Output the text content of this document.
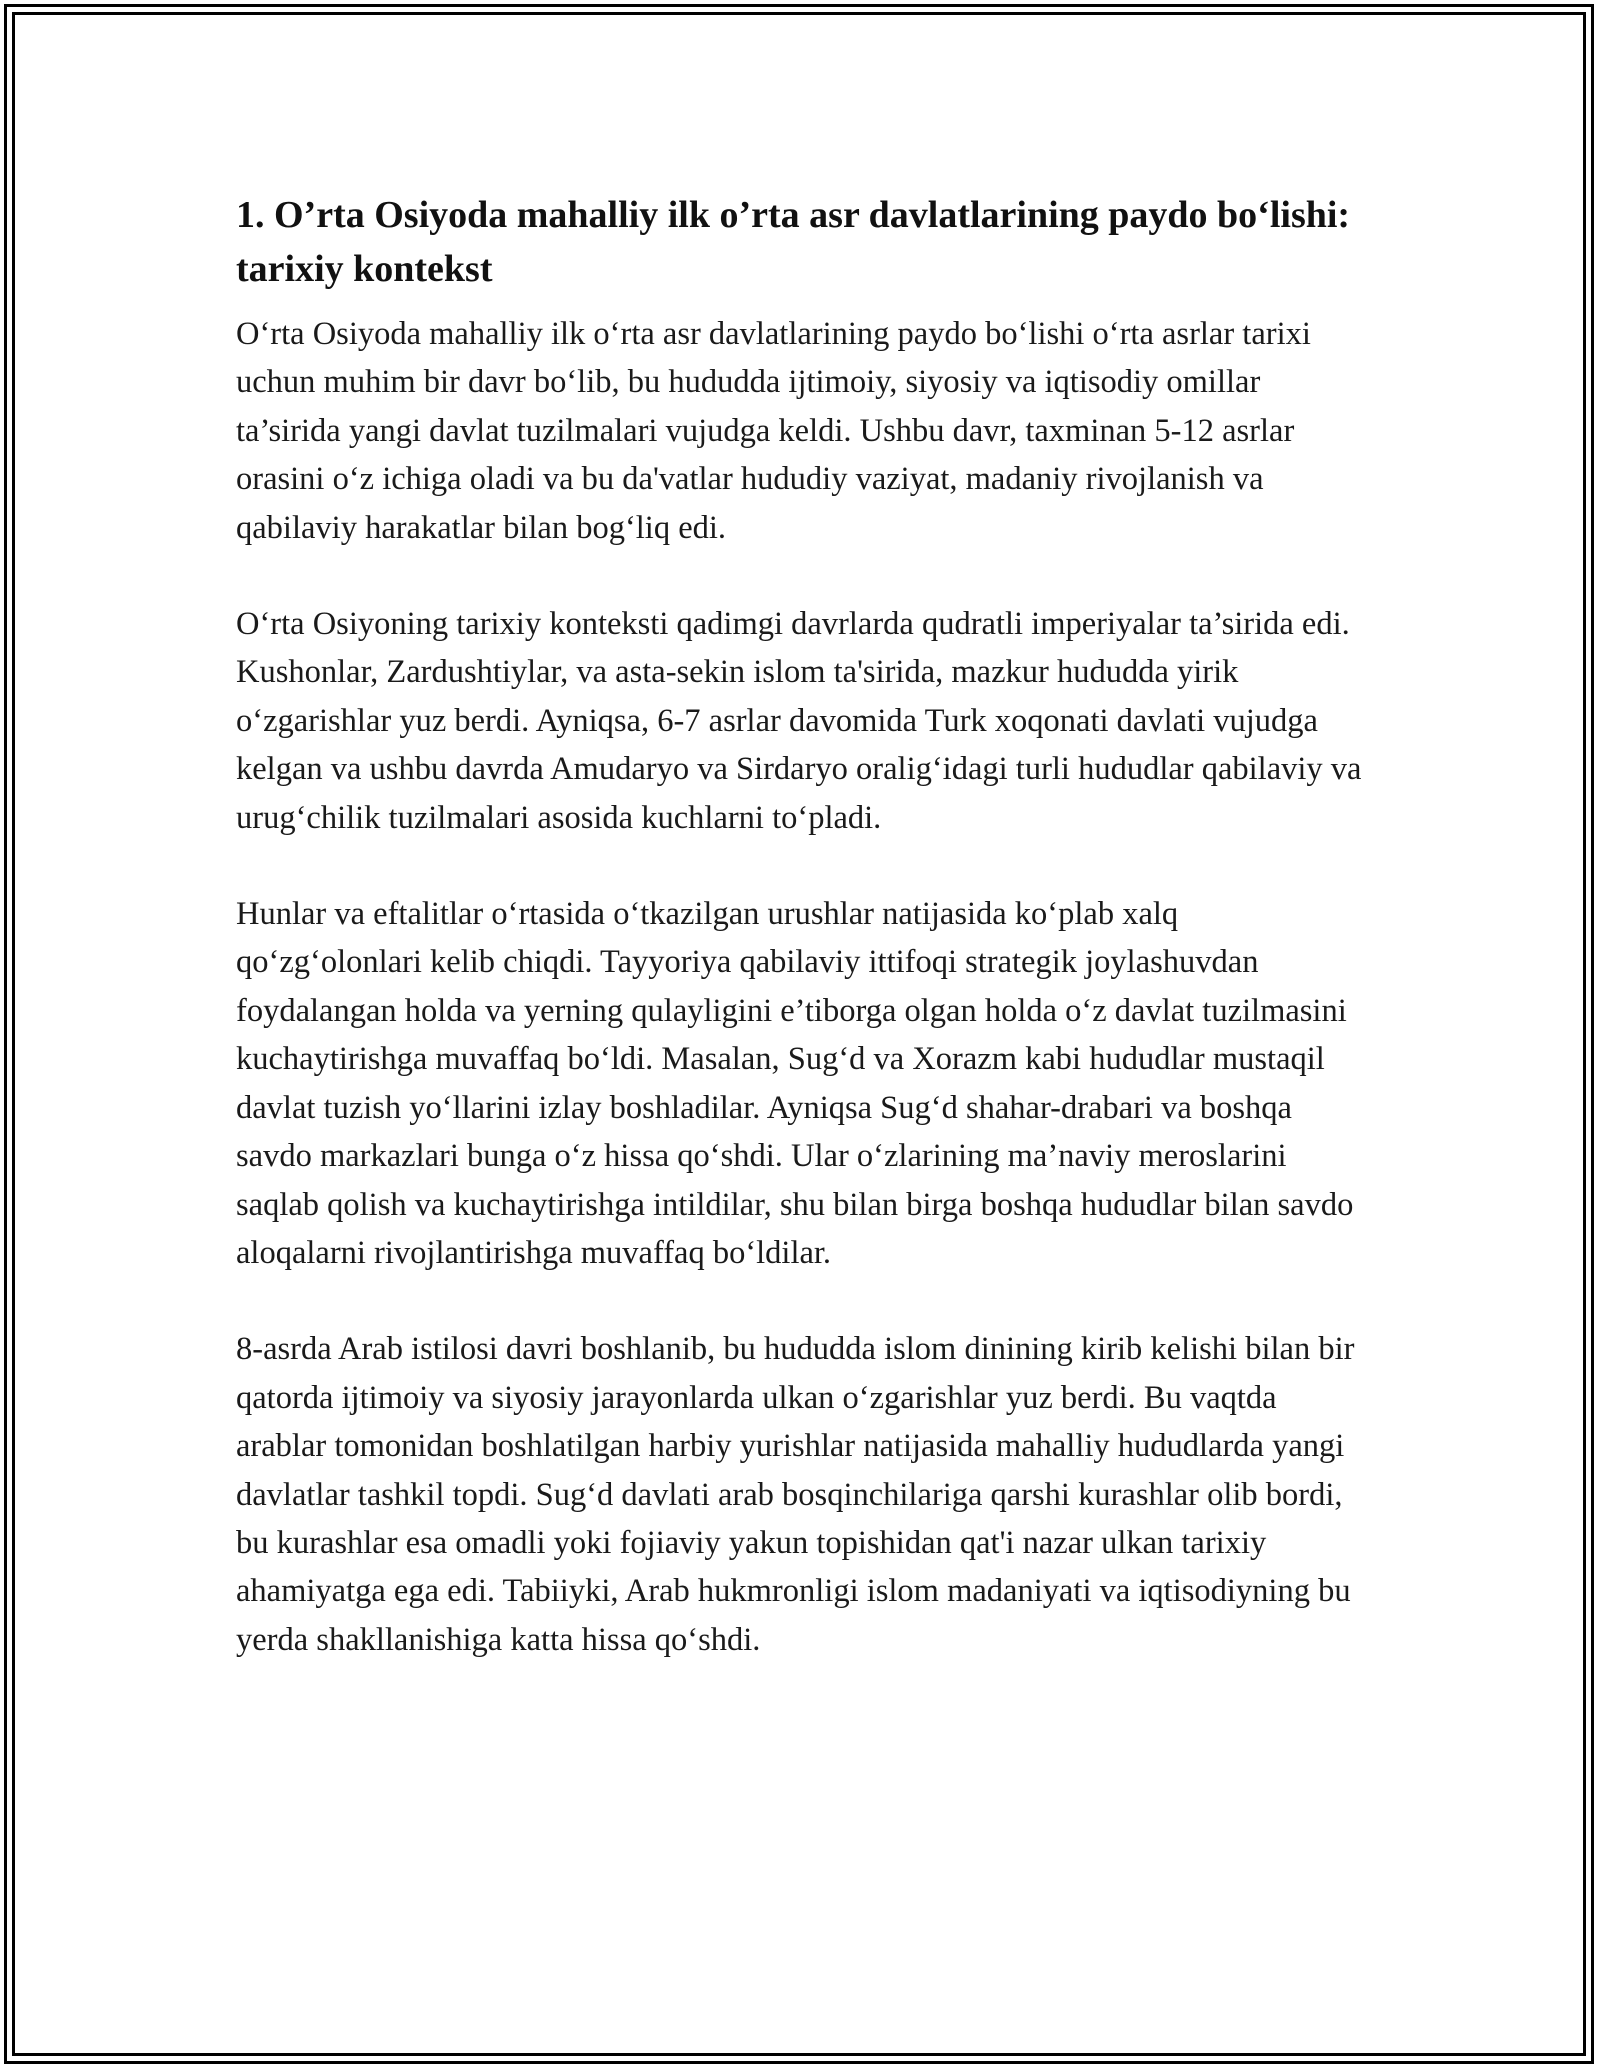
1. O’rta Osiyoda mahalliy ilk o’rta asr davlatlarining paydo bo‘lishi: tarixiy kontekst

O‘rta Osiyoda mahalliy ilk o‘rta asr davlatlarining paydo bo‘lishi o‘rta asrlar tarixi uchun muhim bir davr bo‘lib, bu hududda ijtimoiy, siyosiy va iqtisodiy omillar ta’sirida yangi davlat tuzilmalari vujudga keldi. Ushbu davr, taxminan 5-12 asrlar orasini o‘z ichiga oladi va bu da'vatlar hududiy vaziyat, madaniy rivojlanish va qabilaviy harakatlar bilan bog‘liq edi.

O‘rta Osiyoning tarixiy konteksti qadimgi davrlarda qudratli imperiyalar ta’sirida edi. Kushonlar, Zardushtiylar, va asta-sekin islom ta'sirida, mazkur hududda yirik o‘zgarishlar yuz berdi. Ayniqsa, 6-7 asrlar davomida Turk xoqonati davlati vujudga kelgan va ushbu davrda Amudaryo va Sirdaryo oralig‘idagi turli hududlar qabilaviy va urug‘chilik tuzilmalari asosida kuchlarni to‘pladi.

Hunlar va eftalitlar o‘rtasida o‘tkazilgan urushlar natijasida ko‘plab xalq qo‘zg‘olonlari kelib chiqdi. Tayyoriya qabilaviy ittifoqi strategik joylashuvdan foydalangan holda va yerning qulayligini e’tiborga olgan holda o‘z davlat tuzilmasini kuchaytirishga muvaffaq bo‘ldi. Masalan, Sug‘d va Xorazm kabi hududlar mustaqil davlat tuzish yo‘llarini izlay boshladilar. Ayniqsa Sug‘d shahar-drabari va boshqa savdo markazlari bunga o‘z hissa qo‘shdi. Ular o‘zlarining ma’naviy meroslarini saqlab qolish va kuchaytirishga intildilar, shu bilan birga boshqa hududlar bilan savdo aloqalarni rivojlantirishga muvaffaq bo‘ldilar.

8-asrda Arab istilosi davri boshlanib, bu hududda islom dinining kirib kelishi bilan bir qatorda ijtimoiy va siyosiy jarayonlarda ulkan o‘zgarishlar yuz berdi. Bu vaqtda arablar tomonidan boshlatilgan harbiy yurishlar natijasida mahalliy hududlarda yangi davlatlar tashkil topdi. Sug‘d davlati arab bosqinchilariga qarshi kurashlar olib bordi, bu kurashlar esa omadli yoki fojiaviy yakun topishidan qat'i nazar ulkan tarixiy ahamiyatga ega edi. Tabiiyki, Arab hukmronligi islom madaniyati va iqtisodiyning bu yerda shakllanishiga katta hissa qo‘shdi.
